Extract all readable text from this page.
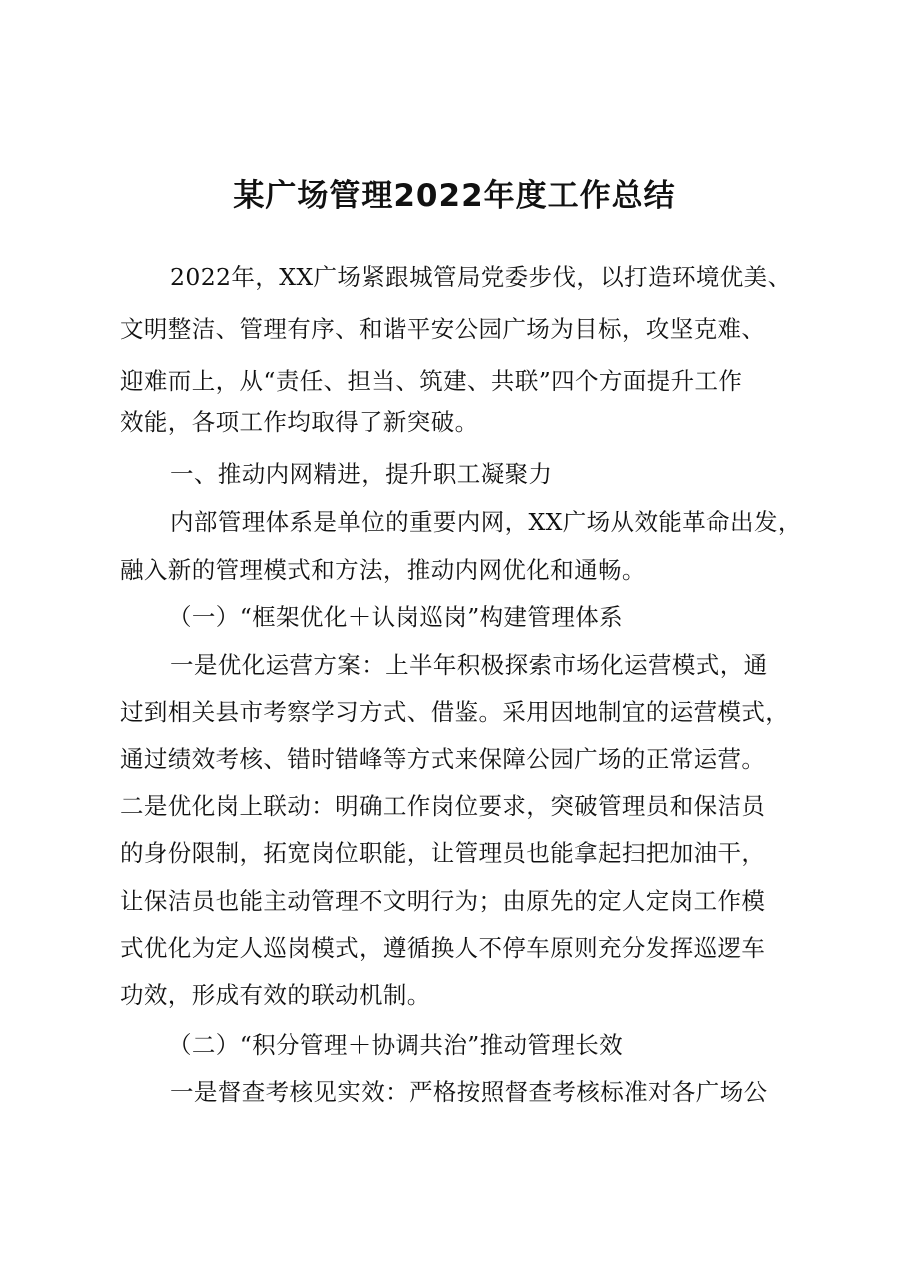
某广场管理2022年度工作总结

2022年，XX广场紧跟城管局党委步伐，以打造环境优美、

文明整洁、管理有序、和谐平安公园广场为目标，攻坚克难、

迎难而上，从“责任、担当、筑建、共联”四个方面提升工作

效能，各项工作均取得了新突破。

一、推动内网精进，提升职工凝聚力

内部管理体系是单位的重要内网，XX广场从效能革命出发，

融入新的管理模式和方法，推动内网优化和通畅。

（一）“框架优化＋认岗巡岗”构建管理体系

一是优化运营方案：上半年积极探索市场化运营模式，通

过到相关县市考察学习方式、借鉴。采用因地制宜的运营模式，

通过绩效考核、错时错峰等方式来保障公园广场的正常运营。

二是优化岗上联动：明确工作岗位要求，突破管理员和保洁员

的身份限制，拓宽岗位职能，让管理员也能拿起扫把加油干，

让保洁员也能主动管理不文明行为；由原先的定人定岗工作模

式优化为定人巡岗模式，遵循换人不停车原则充分发挥巡逻车

功效，形成有效的联动机制。

（二）“积分管理＋协调共治”推动管理长效

一是督查考核见实效：严格按照督查考核标准对各广场公
